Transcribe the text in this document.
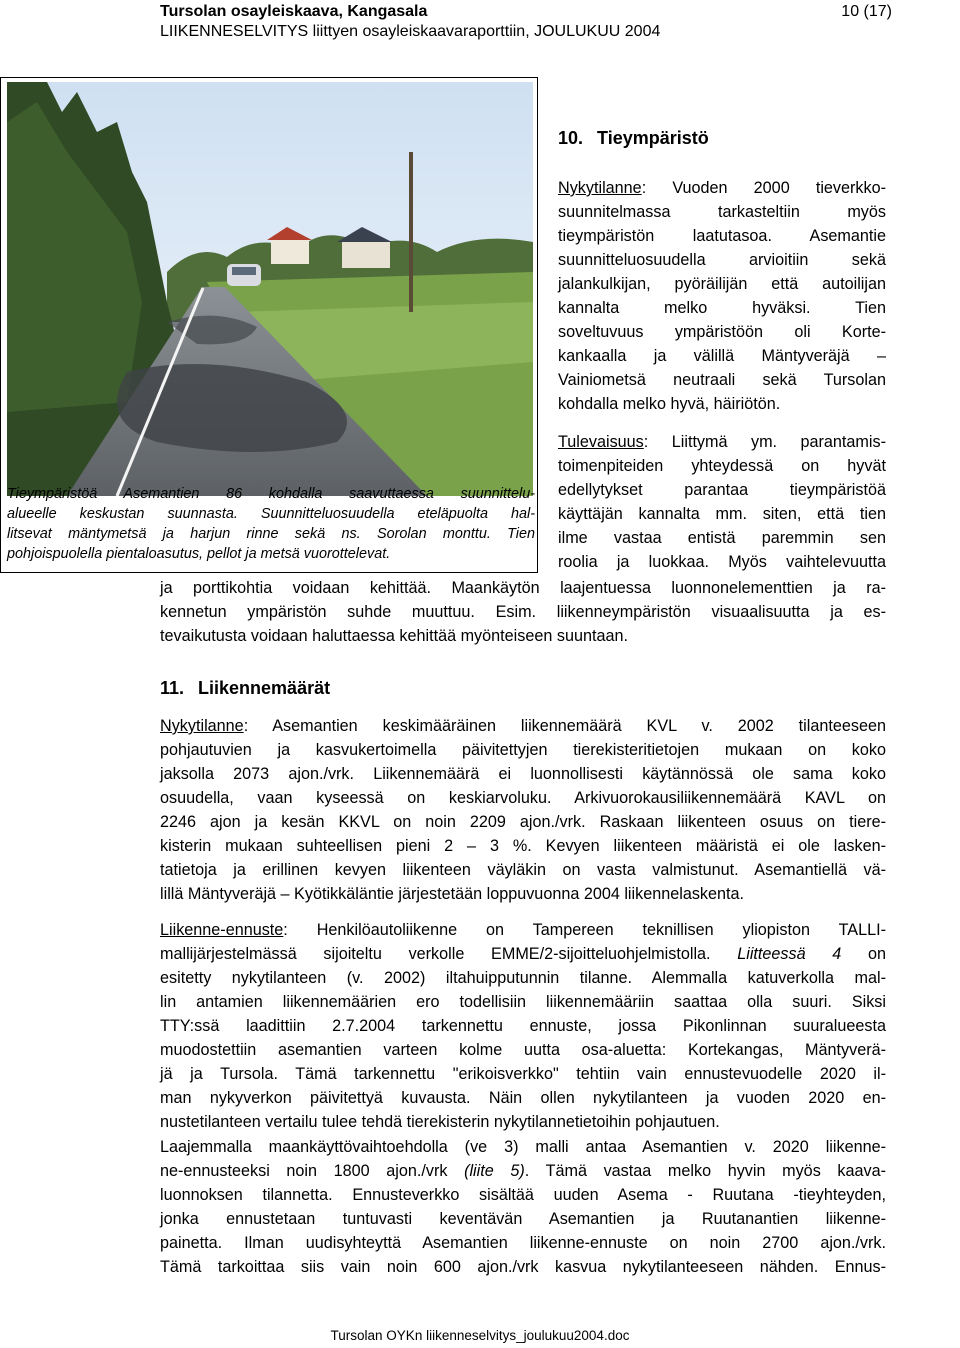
Tursolan osayleiskaava, Kangasala
LIIKENNESELVITYS liittyen osayleiskaavaraporttiin, JOULUKUU 2004
10 (17)
Tieympäristöä Asemantien 86 kohdalla saavuttaessa suunnittelu-
alueelle keskustan suunnasta. Suunnitteluosuudella eteläpuolta hal-
litsevat mäntymetsä ja harjun rinne sekä ns. Sorolan monttu. Tien
pohjoispuolella pientaloasutus, pellot ja metsä vuorottelevat.
10. Tieympäristö
Nykytilanne: Vuoden 2000 tieverkko-
suunnitelmassa tarkasteltiin myös
tieympäristön laatutasoa. Asemantie
suunnitteluosuudella arvioitiin sekä
jalankulkijan, pyöräilijän että autoilijan
kannalta melko hyväksi. Tien
soveltuvuus ympäristöön oli Korte-
kankaalla ja välillä Mäntyveräjä –
Vainiometsä neutraali sekä Tursolan
kohdalla melko hyvä, häiriötön.
Tulevaisuus: Liittymä ym. parantamis-
toimenpiteiden yhteydessä on hyvät
edellytykset parantaa tieympäristöä
käyttäjän kannalta mm. siten, että tien
ilme vastaa entistä paremmin sen
roolia ja luokkaa. Myös vaihtelevuutta
ja porttikohtia voidaan kehittää. Maankäytön laajentuessa luonnonelementtien ja ra-
kennetun ympäristön suhde muuttuu. Esim. liikenneympäristön visuaalisuutta ja es-
tevaikutusta voidaan haluttaessa kehittää myönteiseen suuntaan.
11. Liikennemäärät
Nykytilanne: Asemantien keskimääräinen liikennemäärä KVL v. 2002 tilanteeseen
pohjautuvien ja kasvukertoimella päivitettyjen tierekisteritietojen mukaan on koko
jaksolla 2073 ajon./vrk. Liikennemäärä ei luonnollisesti käytännössä ole sama koko
osuudella, vaan kyseessä on keskiarvoluku. Arkivuorokausiliikennemäärä KAVL on
2246 ajon ja kesän KKVL on noin 2209 ajon./vrk. Raskaan liikenteen osuus on tiere-
kisterin mukaan suhteellisen pieni 2 – 3 %. Kevyen liikenteen määristä ei ole lasken-
tatietoja ja erillinen kevyen liikenteen väyläkin on vasta valmistunut. Asemantiellä vä-
lillä Mäntyveräjä – Kyötikkäläntie järjestetään loppuvuonna 2004 liikennelaskenta.
Liikenne-ennuste: Henkilöautoliikenne on Tampereen teknillisen yliopiston TALLI-
mallijärjestelmässä sijoiteltu verkolle EMME/2-sijoitteluohjelmistolla. Liitteessä 4 on
esitetty nykytilanteen (v. 2002) iltahuipputunnin tilanne. Alemmalla katuverkolla mal-
lin antamien liikennemäärien ero todellisiin liikennemääriin saattaa olla suuri. Siksi
TTY:ssä laadittiin 2.7.2004 tarkennettu ennuste, jossa Pikonlinnan suuralueesta
muodostettiin asemantien varteen kolme uutta osa-aluetta: Kortekangas, Mäntyverä-
jä ja Tursola. Tämä tarkennettu "erikoisverkko" tehtiin vain ennustevuodelle 2020 il-
man nykyverkon päivitettyä kuvausta. Näin ollen nykytilanteen ja vuoden 2020 en-
nustetilanteen vertailu tulee tehdä tierekisterin nykytilannetietoihin pohjautuen.
Laajemmalla maankäyttövaihtoehdolla (ve 3) malli antaa Asemantien v. 2020 liikenne-
ne-ennusteeksi noin 1800 ajon./vrk (liite 5). Tämä vastaa melko hyvin myös kaava-
luonnoksen tilannetta. Ennusteverkko sisältää uuden Asema - Ruutana -tieyhteyden,
jonka ennustetaan tuntuvasti keventävän Asemantien ja Ruutanantien liikenne-
painetta. Ilman uudisyhteyttä Asemantien liikenne-ennuste on noin 2700 ajon./vrk.
Tämä tarkoittaa siis vain noin 600 ajon./vrk kasvua nykytilanteeseen nähden. Ennus-
Tursolan OYKn liikenneselvitys_joulukuu2004.doc
